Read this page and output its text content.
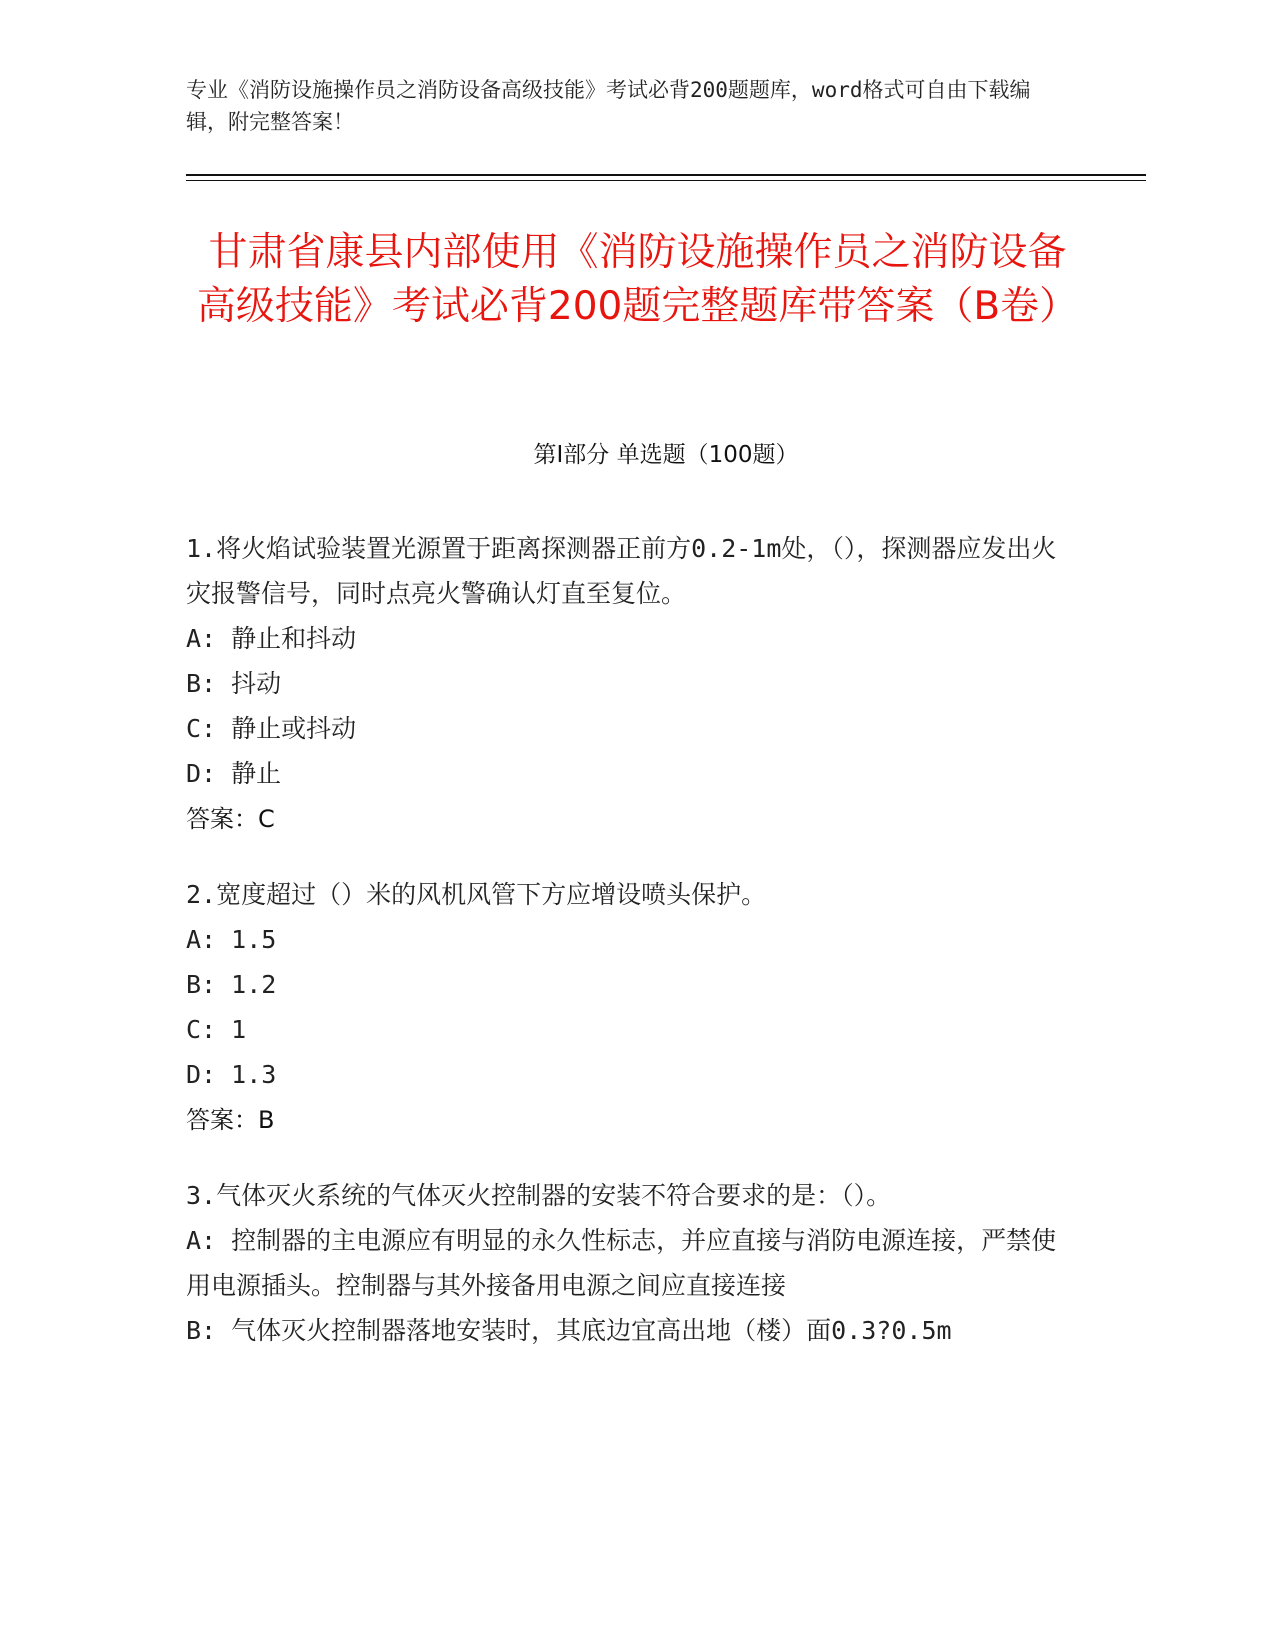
专业《消防设施操作员之消防设备高级技能》考试必背200题题库，word格式可自由下载编辑，附完整答案！
甘肃省康县内部使用《消防设施操作员之消防设备高级技能》考试必背200题完整题库带答案（B卷）
第I部分 单选题（100题）
1.将火焰试验装置光源置于距离探测器正前方0.2-1m处，（），探测器应发出火灾报警信号，同时点亮火警确认灯直至复位。
A: 静止和抖动
B: 抖动
C: 静止或抖动
D: 静止
答案：C
2.宽度超过（）米的风机风管下方应增设喷头保护。
A: 1.5
B: 1.2
C: 1
D: 1.3
答案：B
3.气体灭火系统的气体灭火控制器的安装不符合要求的是：（）。
A: 控制器的主电源应有明显的永久性标志，并应直接与消防电源连接，严禁使用电源插头。控制器与其外接备用电源之间应直接连接
B: 气体灭火控制器落地安装时，其底边宜高出地（楼）面0.3?0.5m
